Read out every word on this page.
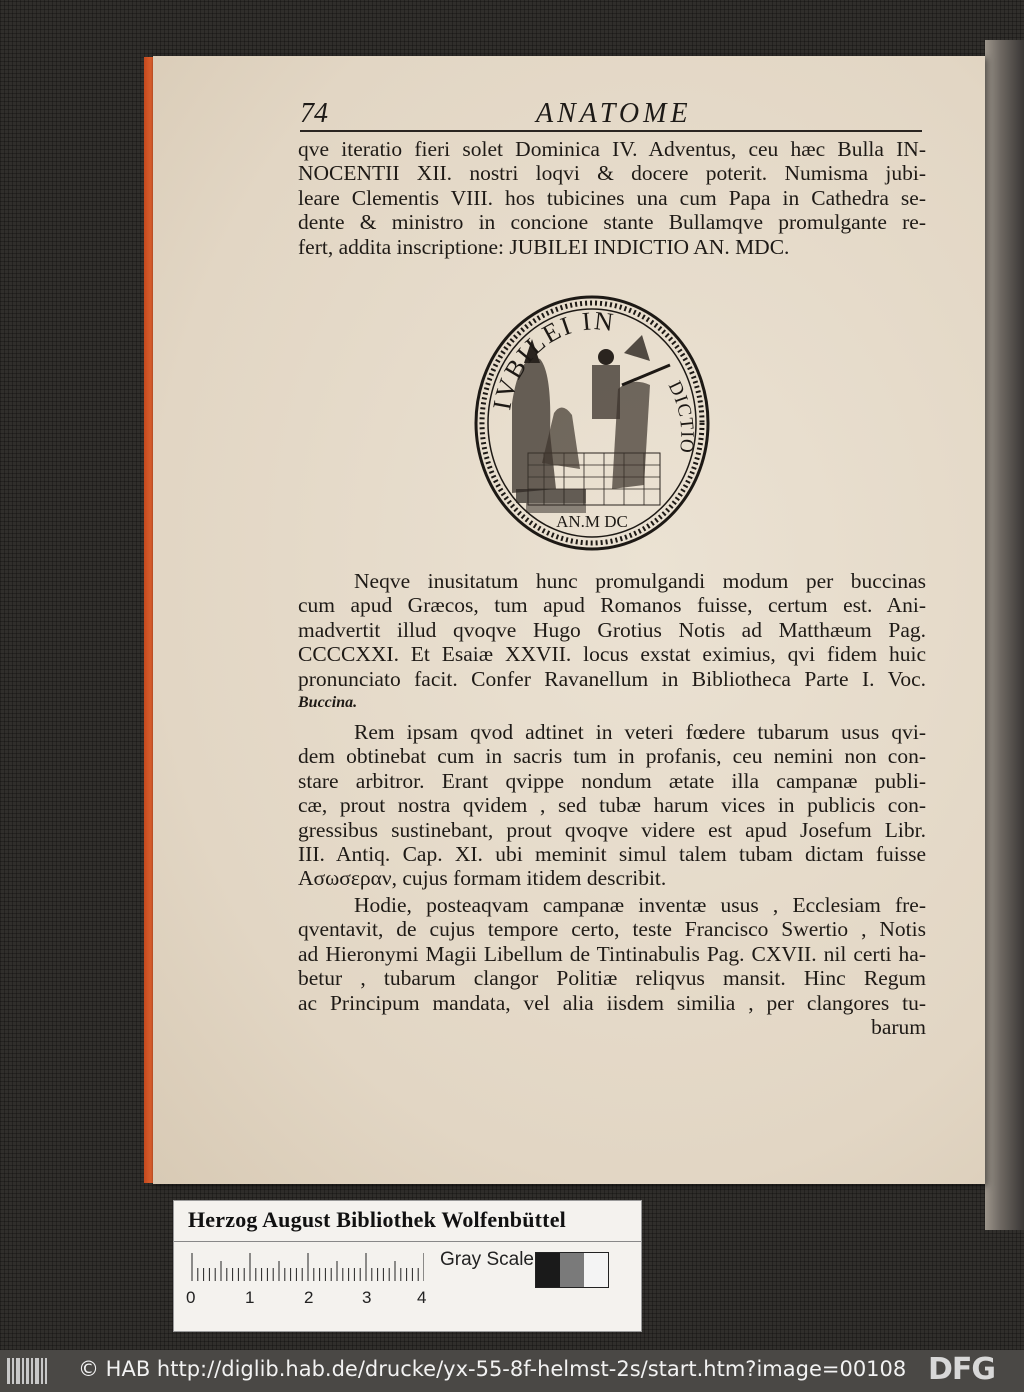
74	ANATOME
qve iteratio fieri solet Dominica IV. Adventus, ceu hæc Bulla IN-
NOCENTII XII. nostri loqvi & docere poterit. Numisma jubi-
leare Clementis VIII. hos tubicines una cum Papa in Cathedra se-
dente & ministro in concione stante Bullamqve promulgante re-
fert, addita inscriptione: JUBILEI INDICTIO AN. MDC.
IVBILEI IN
DICTIO
AN.M DC
Neqve inusitatum hunc promulgandi modum per buccinas
cum apud Græcos, tum apud Romanos fuisse, certum est. Ani-
madvertit illud qvoqve Hugo Grotius Notis ad Matthæum Pag.
CCCCXXI. Et Esaiæ XXVII. locus exstat eximius, qvi fidem huic
pronunciato facit. Confer Ravanellum in Bibliotheca Parte I. Voc.
Buccina.
Rem ipsam qvod adtinet in veteri fœdere tubarum usus qvi-
dem obtinebat cum in sacris tum in profanis, ceu nemini non con-
stare arbitror. Erant qvippe nondum ætate illa campanæ publi-
cæ, prout nostra qvidem , sed tubæ harum vices in publicis con-
gressibus sustinebant, prout qvoqve videre est apud Josefum Libr.
III. Antiq. Cap. XI. ubi meminit simul talem tubam dictam fuisse
Ασωσεραν, cujus formam itidem describit.
Hodie, posteaqvam campanæ inventæ usus , Ecclesiam fre-
qventavit, de cujus tempore certo, teste Francisco Swertio , Notis
ad Hieronymi Magii Libellum de Tintinabulis Pag. CXVII. nil certi ha-
betur , tubarum clangor Politiæ reliqvus mansit. Hinc Regum
ac Principum mandata, vel alia iisdem similia , per clangores tu-
barum
Herzog August Bibliothek Wolfenbüttel
0	1	2	3	4
Gray Scale
© HAB http://diglib.hab.de/drucke/yx-55-8f-helmst-2s/start.htm?image=00108 DFG
